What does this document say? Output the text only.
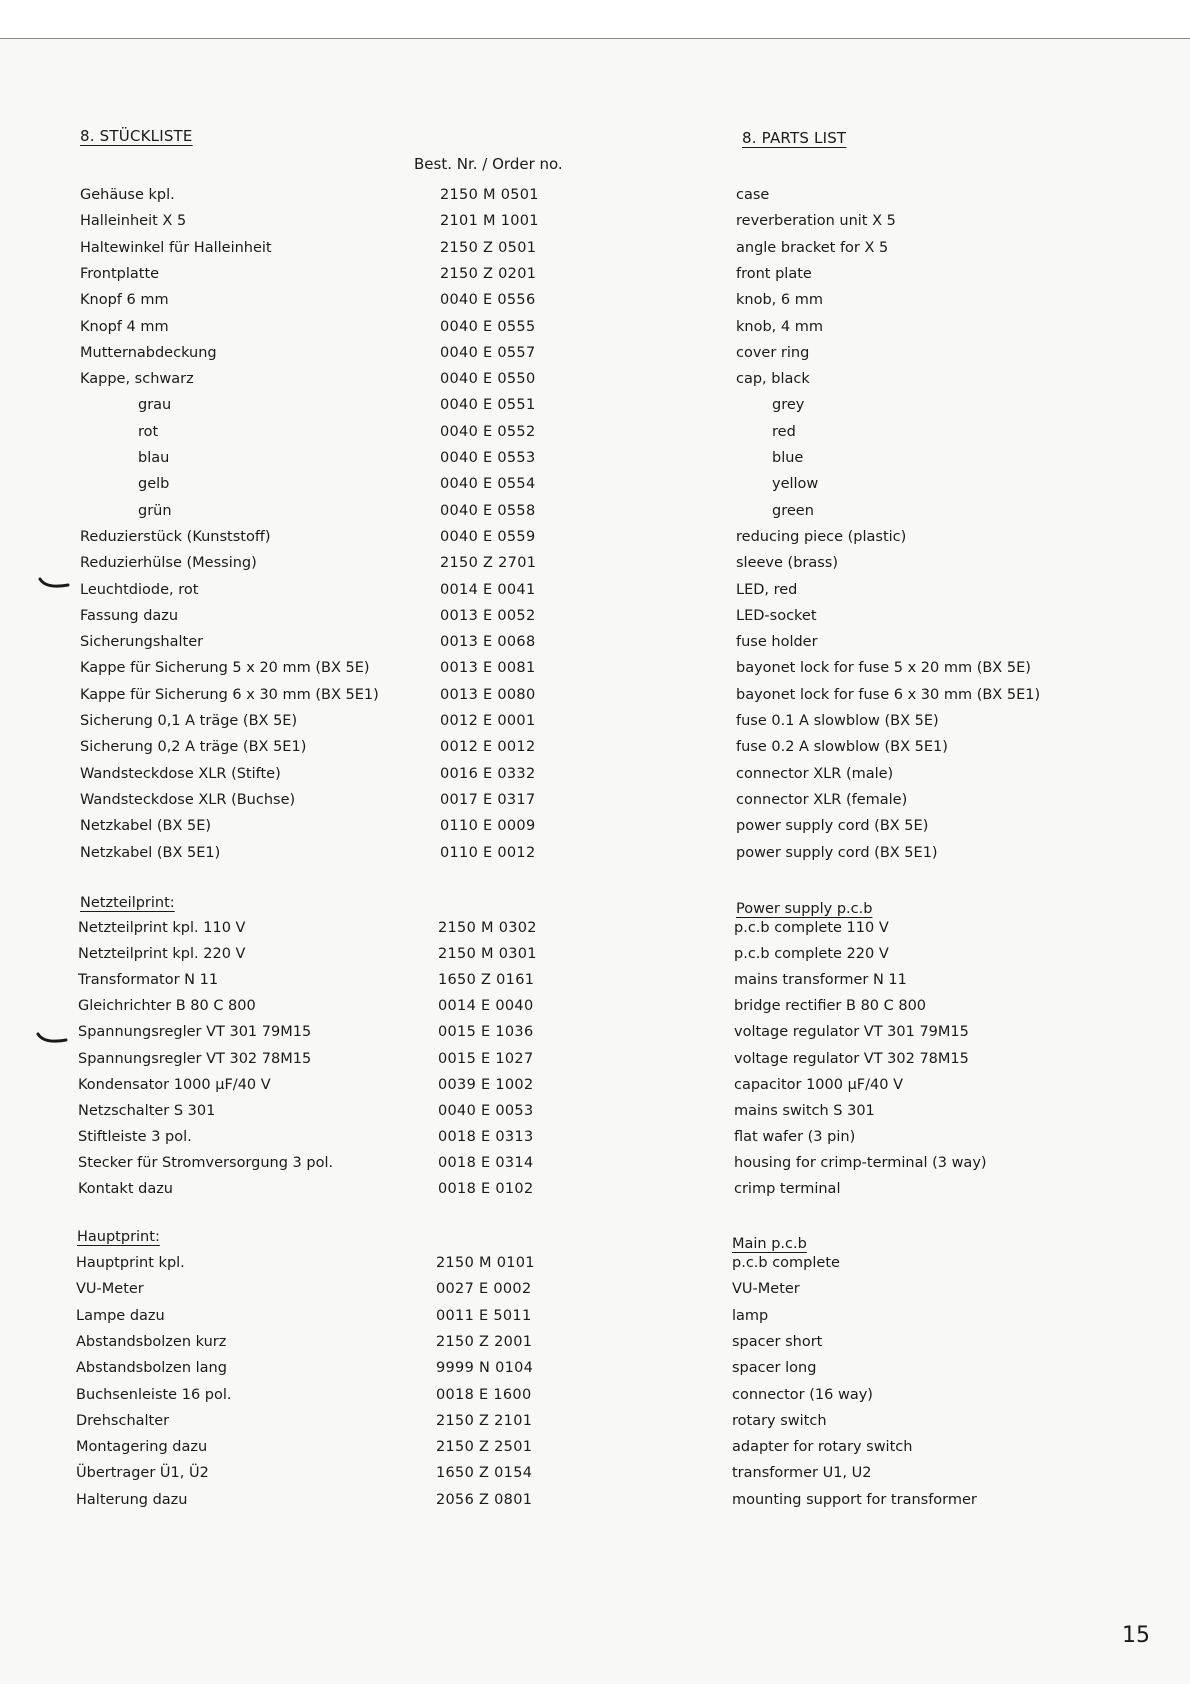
8. STÜCKLISTE	8. PARTS LIST
Best. Nr. / Order no.
Gehäuse kpl.	2150 M 0501	case
Halleinheit X 5	2101 M 1001	reverberation unit X 5
Haltewinkel für Halleinheit	2150 Z 0501	angle bracket for X 5
Frontplatte	2150 Z 0201	front plate
Knopf 6 mm	0040 E 0556	knob, 6 mm
Knopf 4 mm	0040 E 0555	knob, 4 mm
Mutternabdeckung	0040 E 0557	cover ring
Kappe, schwarz	0040 E 0550	cap, black
grau	0040 E 0551	grey
rot	0040 E 0552	red
blau	0040 E 0553	blue
gelb	0040 E 0554	yellow
grün	0040 E 0558	green
Reduzierstück (Kunststoff)	0040 E 0559	reducing piece (plastic)
Reduzierhülse (Messing)	2150 Z 2701	sleeve (brass)
Leuchtdiode, rot	0014 E 0041	LED, red
Fassung dazu	0013 E 0052	LED-socket
Sicherungshalter	0013 E 0068	fuse holder
Kappe für Sicherung 5 x 20 mm (BX 5E)	0013 E 0081	bayonet lock for fuse 5 x 20 mm (BX 5E)
Kappe für Sicherung 6 x 30 mm (BX 5E1)	0013 E 0080	bayonet lock for fuse 6 x 30 mm (BX 5E1)
Sicherung 0,1 A träge (BX 5E)	0012 E 0001	fuse 0.1 A slowblow (BX 5E)
Sicherung 0,2 A träge (BX 5E1)	0012 E 0012	fuse 0.2 A slowblow (BX 5E1)
Wandsteckdose XLR (Stifte)	0016 E 0332	connector XLR (male)
Wandsteckdose XLR (Buchse)	0017 E 0317	connector XLR (female)
Netzkabel (BX 5E)	0110 E 0009	power supply cord (BX 5E)
Netzkabel (BX 5E1)	0110 E 0012	power supply cord (BX 5E1)
Netzteilprint kpl. 110 V	2150 M 0302	p.c.b complete 110 V
Netzteilprint kpl. 220 V	2150 M 0301	p.c.b complete 220 V
Transformator N 11	1650 Z 0161	mains transformer N 11
Gleichrichter B 80 C 800	0014 E 0040	bridge rectifier B 80 C 800
Spannungsregler VT 301 79M15	0015 E 1036	voltage regulator VT 301 79M15
Spannungsregler VT 302 78M15	0015 E 1027	voltage regulator VT 302 78M15
Kondensator 1000 µF/40 V	0039 E 1002	capacitor 1000 µF/40 V
Netzschalter S 301	0040 E 0053	mains switch S 301
Stiftleiste 3 pol.	0018 E 0313	flat wafer (3 pin)
Stecker für Stromversorgung 3 pol.	0018 E 0314	housing for crimp-terminal (3 way)
Kontakt dazu	0018 E 0102	crimp terminal
Hauptprint kpl.	2150 M 0101	p.c.b complete
VU-Meter	0027 E 0002	VU-Meter
Lampe dazu	0011 E 5011	lamp
Abstandsbolzen kurz	2150 Z 2001	spacer short
Abstandsbolzen lang	9999 N 0104	spacer long
Buchsenleiste 16 pol.	0018 E 1600	connector (16 way)
Drehschalter	2150 Z 2101	rotary switch
Montagering dazu	2150 Z 2501	adapter for rotary switch
Übertrager Ü1, Ü2	1650 Z 0154	transformer U1, U2
Halterung dazu	2056 Z 0801	mounting support for transformer
Netzteilprint:	Power supply p.c.b
Hauptprint:	Main p.c.b
15
